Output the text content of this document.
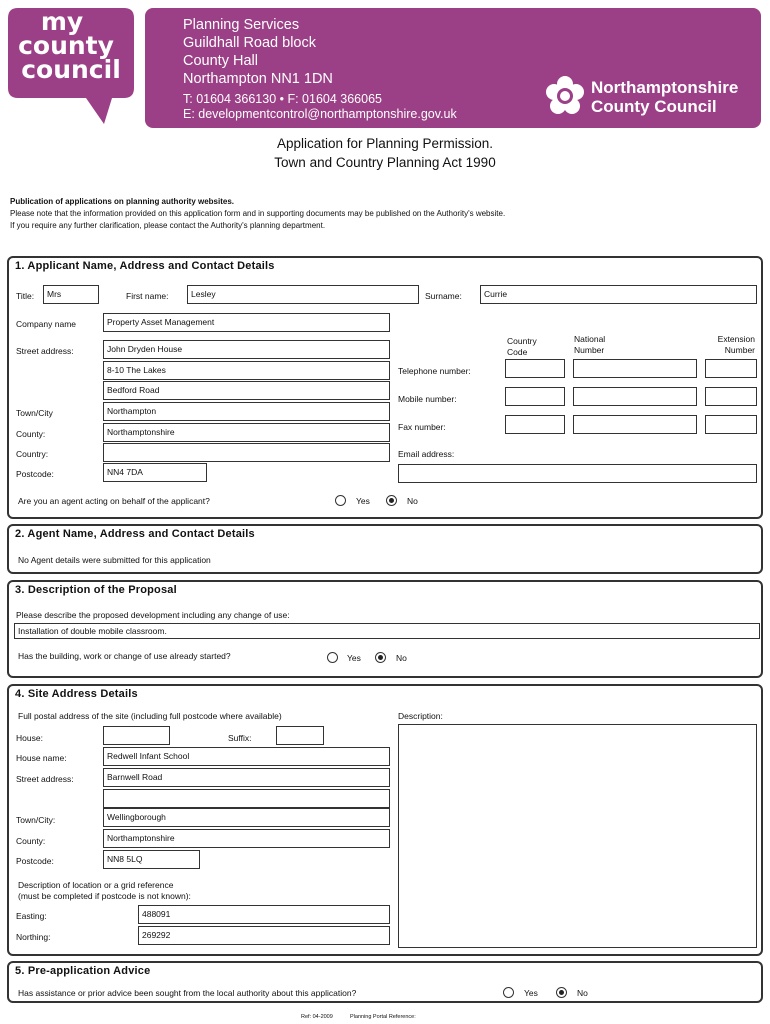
my
county
council
Planning Services
Guildhall Road block
County Hall
Northampton NN1 1DN
T: 01604 366130 • F: 01604 366065
E: developmentcontrol@northamptonshire.gov.uk
Northamptonshire
County Council
Application for Planning Permission.
Town and Country Planning Act 1990
Publication of applications on planning authority websites.
Please note that the information provided on this application form and in supporting documents may be published on the Authority's website.
If you require any further clarification, please contact the Authority's planning department.
1. Applicant Name, Address and Contact Details
Title:	Mrs	First name:	Lesley	Surname:	Currie
Company name	Property Asset Management
Street address:	John Dryden House
8-10 The Lakes
Bedford Road
Town/City	Northampton
County:	Northamptonshire
Country:
Postcode:	NN4 7DA
Country Code
National Number
Extension Number
Telephone number:
Mobile number:
Fax number:
Email address:
Are you an agent acting on behalf of the applicant?	Yes	No
2. Agent Name, Address and Contact Details
No Agent details were submitted for this application
3. Description of the Proposal
Please describe the proposed development including any change of use:
Installation of double mobile classroom.
Has the building, work or change of use already started?	Yes	No
4. Site Address Details
Full postal address of the site (including full postcode where available)	Description:
House:	Suffix:
House name:	Redwell Infant School
Street address:	Barnwell Road
Town/City:	Wellingborough
County:	Northamptonshire
Postcode:	NN8 5LQ
Description of location or a grid reference
(must be completed if postcode is not known):
Easting:	488091
Northing:	269292
5. Pre-application Advice
Has assistance or prior advice been sought from the local authority about this application?	Yes	No
Ref: 04-2009	Planning Portal Reference:
